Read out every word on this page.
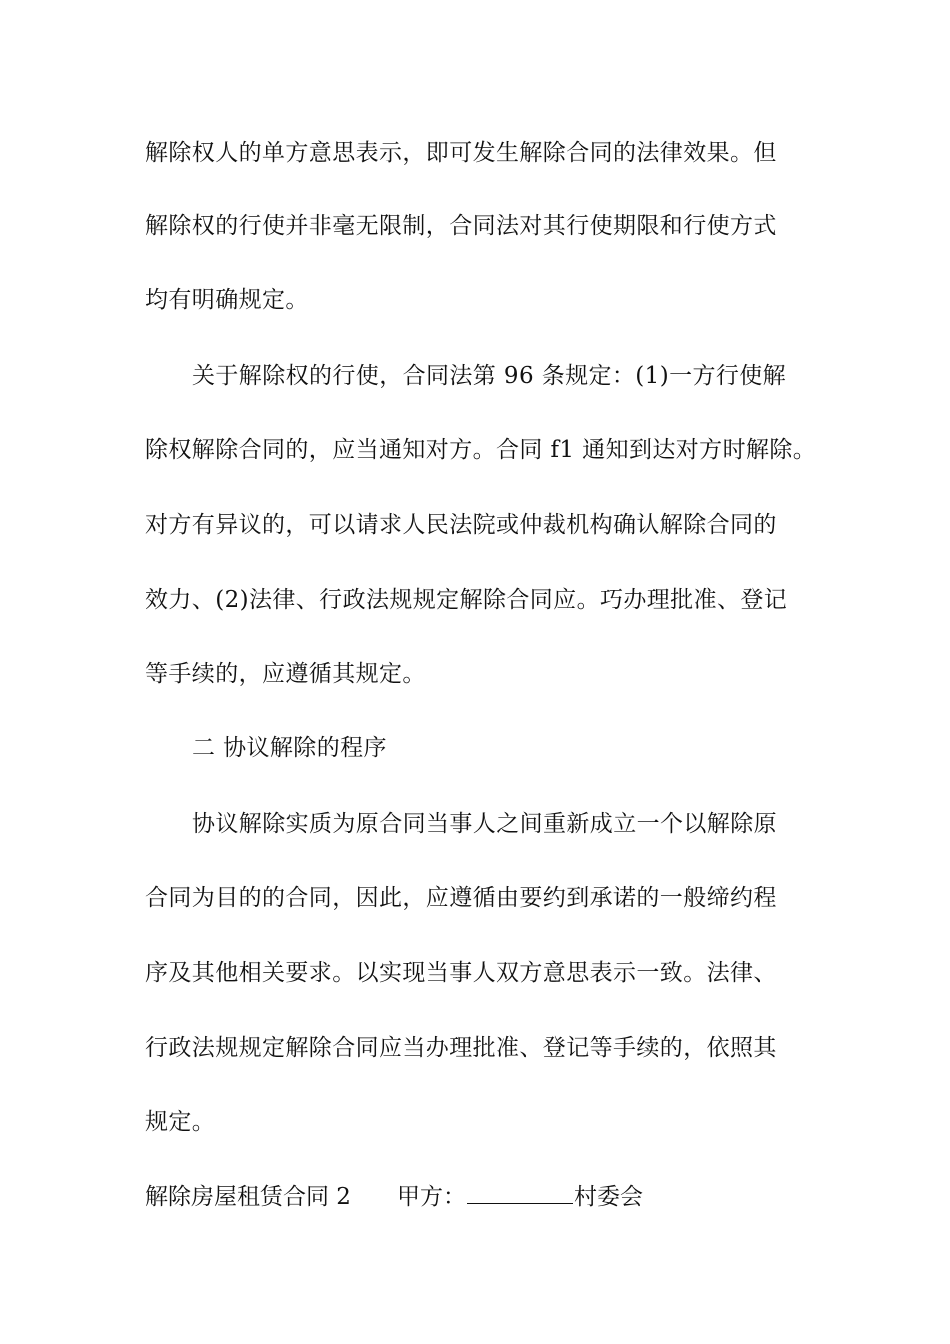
解除权人的单方意思表示，即可发生解除合同的法律效果。但
解除权的行使并非毫无限制，合同法对其行使期限和行使方式
均有明确规定。
关于解除权的行使，合同法第 96 条规定：(1)一方行使解
除权解除合同的，应当通知对方。合同 f1 通知到达对方时解除。
对方有异议的，可以请求人民法院或仲裁机构确认解除合同的
效力、(2)法律、行政法规规定解除合同应。巧办理批准、登记
等手续的，应遵循其规定。
二 协议解除的程序
协议解除实质为原合同当事人之间重新成立一个以解除原
合同为目的的合同，因此，应遵循由要约到承诺的一般缔约程
序及其他相关要求。以实现当事人双方意思表示一致。法律、
行政法规规定解除合同应当办理批准、登记等手续的，依照其
规定。
解除房屋租赁合同 2 甲方：	村委会
